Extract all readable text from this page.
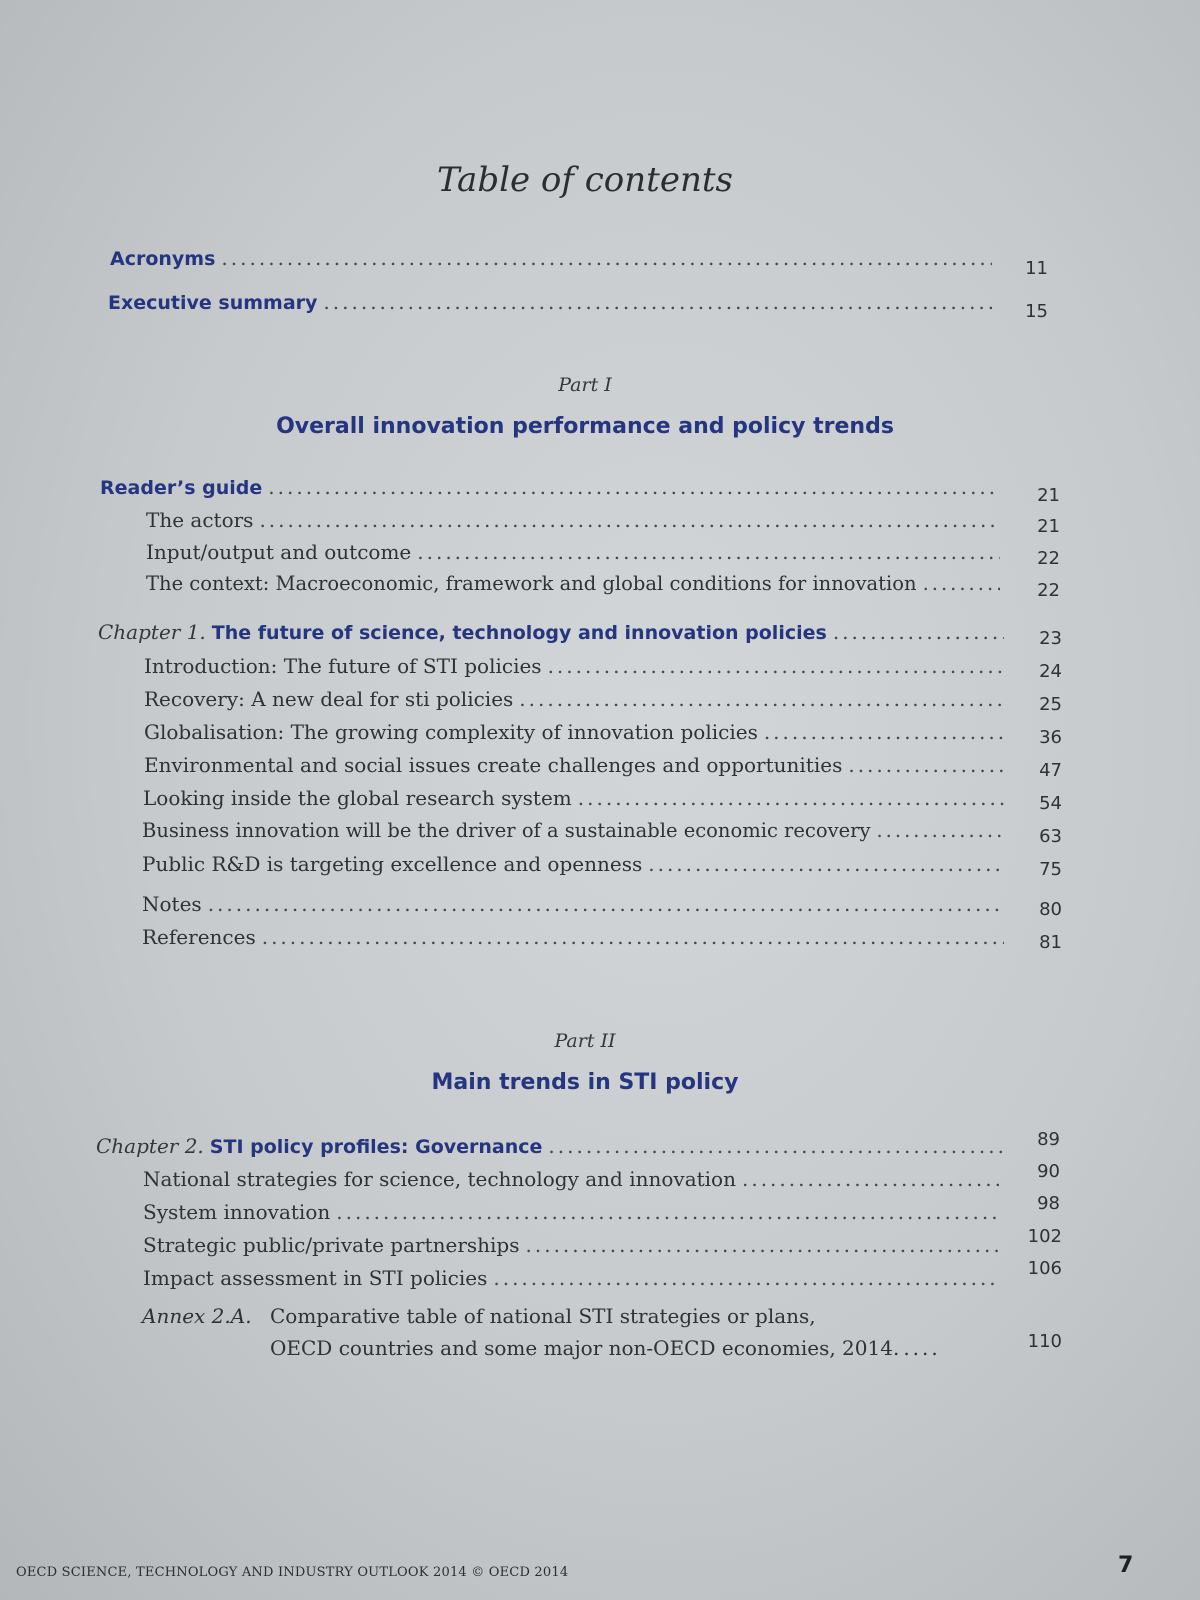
Table of contents
Acronyms .....	11
Executive summary .....	15
Part I
Overall innovation performance and policy trends
Reader’s guide .....	21
The actors .....	21
Input/output and outcome .....	22
The context: Macroeconomic, framework and global conditions for innovation .....	22
Chapter 1. The future of science, technology and innovation policies .....	23
Introduction: The future of STI policies .....	24
Recovery: A new deal for sti policies .....	25
Globalisation: The growing complexity of innovation policies .....	36
Environmental and social issues create challenges and opportunities .....	47
Looking inside the global research system .....	54
Business innovation will be the driver of a sustainable economic recovery .....	63
Public R&D is targeting excellence and openness .....	75
Notes .....	80
References .....	81
Part II
Main trends in STI policy
Chapter 2. STI policy profiles: Governance .....	89
National strategies for science, technology and innovation .....	90
System innovation .....	98
Strategic public/private partnerships .....	102
Impact assessment in STI policies .....	106
Annex 2.A. Comparative table of national STI strategies or plans,
OECD countries and some major non-OECD economies, 2014. .....	110
OECD SCIENCE, TECHNOLOGY AND INDUSTRY OUTLOOK 2014 © OECD 2014	7
